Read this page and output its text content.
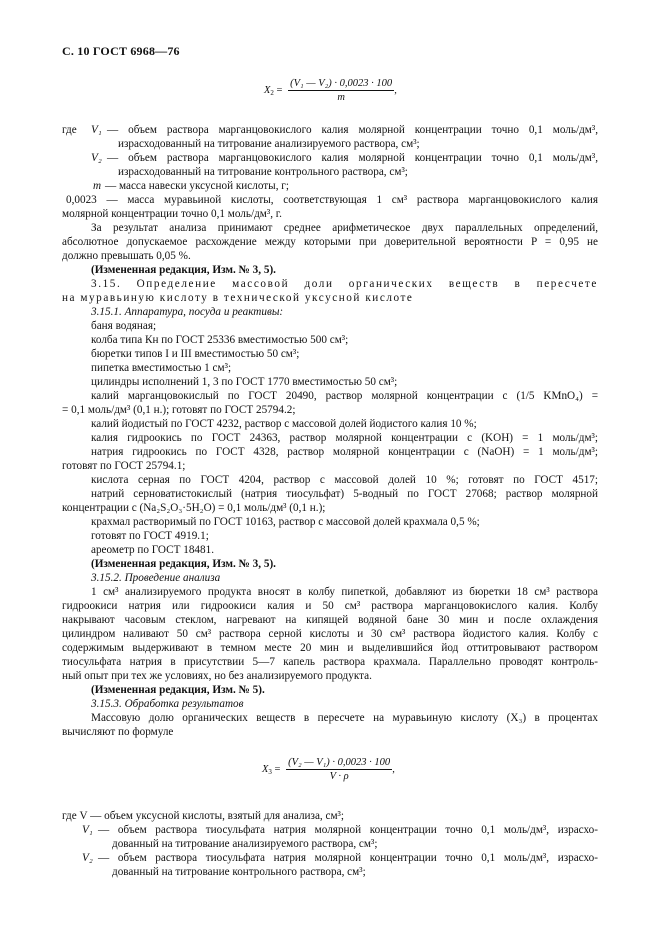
С. 10 ГОСТ 6968—76
$X_2 = \frac{\text{(V₁ — V₂) · 0,0023 · 100}}{m}$ ,
где V₁ — объем раствора марганцовокислого калия молярной концентрации точно 0,1 моль/дм³,
израсходованный на титрование анализируемого раствора, см³;
V₂ — объем раствора марганцовокислого калия молярной концентрации точно 0,1 моль/дм³,
израсходованный на титрование контрольного раствора, см³;
m — масса навески уксусной кислоты, г;
0,0023 — масса муравьиной кислоты, соответствующая 1 см³ раствора марганцовокислого калия
молярной концентрации точно 0,1 моль/дм³, г.
За результат анализа принимают среднее арифметическое двух параллельных определений,
абсолютное допускаемое расхождение между которыми при доверительной вероятности P = 0,95 не
должно превышать 0,05 %.
(Измененная редакция, Изм. № 3, 5).
3.15. Определение массовой доли органических веществ в пересчете
на муравьиную кислоту в технической уксусной кислоте
3.15.1. Аппаратура, посуда и реактивы:
баня водяная;
колба типа Кн по ГОСТ 25336 вместимостью 500 см³;
бюретки типов I и III вместимостью 50 см³;
пипетка вместимостью 1 см³;
цилиндры исполнений 1, 3 по ГОСТ 1770 вместимостью 50 см³;
калий марганцовокислый по ГОСТ 20490, раствор молярной концентрации c (1/5 KMnO₄) =
= 0,1 моль/дм³ (0,1 н.); готовят по ГОСТ 25794.2;
калий йодистый по ГОСТ 4232, раствор с массовой долей йодистого калия 10 %;
калия гидроокись по ГОСТ 24363, раствор молярной концентрации c (KOH) = 1 моль/дм³;
натрия гидроокись по ГОСТ 4328, раствор молярной концентрации c (NaOH) = 1 моль/дм³;
готовят по ГОСТ 25794.1;
кислота серная по ГОСТ 4204, раствор с массовой долей 10 %; готовят по ГОСТ 4517;
натрий серноватистокислый (натрия тиосульфат) 5-водный по ГОСТ 27068; раствор молярной
концентрации c (Na₂S₂O₃·5H₂O) = 0,1 моль/дм³ (0,1 н.);
крахмал растворимый по ГОСТ 10163, раствор с массовой долей крахмала 0,5 %;
готовят по ГОСТ 4919.1;
ареометр по ГОСТ 18481.
(Измененная редакция, Изм. № 3, 5).
3.15.2. Проведение анализа
1 см³ анализируемого продукта вносят в колбу пипеткой, добавляют из бюретки 18 см³ раствора
гидроокиси натрия или гидроокиси калия и 50 см³ раствора марганцовокислого калия. Колбу
накрывают часовым стеклом, нагревают на кипящей водяной бане 30 мин и после охлаждения
цилиндром наливают 50 см³ раствора серной кислоты и 30 см³ раствора йодистого калия. Колбу с
содержимым выдерживают в темном месте 20 мин и выделившийся йод оттитровывают раствором
тиосульфата натрия в присутствии 5—7 капель раствора крахмала. Параллельно проводят контроль-
ный опыт при тех же условиях, но без анализируемого продукта.
(Измененная редакция, Изм. № 5).
3.15.3. Обработка результатов
Массовую долю органических веществ в пересчете на муравьиную кислоту (X₃) в процентах
вычисляют по формуле
$X_3 = \frac{\text{(V₂ — V₁) · 0,0023 · 100}}{V \cdot \rho}$ ,
где V — объем уксусной кислоты, взятый для анализа, см³;
V₁ — объем раствора тиосульфата натрия молярной концентрации точно 0,1 моль/дм³, израсхо-
дованный на титрование анализируемого раствора, см³;
V₂ — объем раствора тиосульфата натрия молярной концентрации точно 0,1 моль/дм³, израсхо-
дованный на титрование контрольного раствора, см³;
